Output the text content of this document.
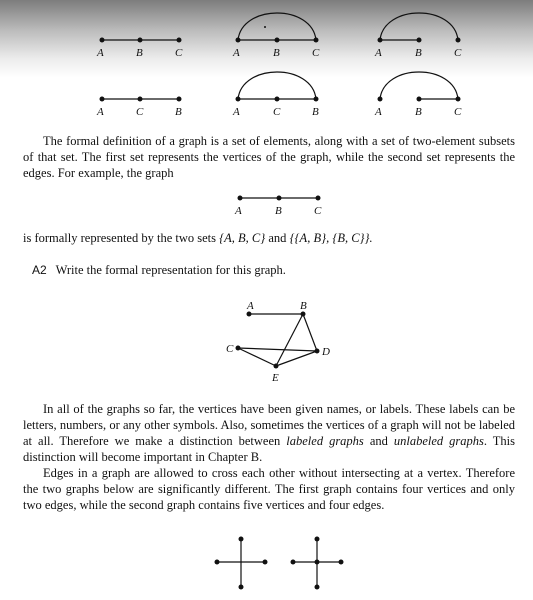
A	B	C	A	B	C	A	B	C
A	C	B	A	C	B	A	B	C

The formal definition of a graph is a set of elements, along with a set of two-element subsets of that set. The first set represents the vertices of the graph, while the second set represents the edges. For example, the graph

A	B	C

is formally represented by the two sets {A, B, C} and {{A, B}, {B, C}}.

A2 Write the formal representation for this graph.

A	B
C	D
E

In all of the graphs so far, the vertices have been given names, or labels. These labels can be letters, numbers, or any other symbols. Also, sometimes the vertices of a graph will not be labeled at all. Therefore we make a distinction between labeled graphs and unlabeled graphs. This distinction will become important in Chapter B.

Edges in a graph are allowed to cross each other without intersecting at a vertex. Therefore the two graphs below are significantly different. The first graph contains four vertices and only two edges, while the second graph contains five vertices and four edges.
